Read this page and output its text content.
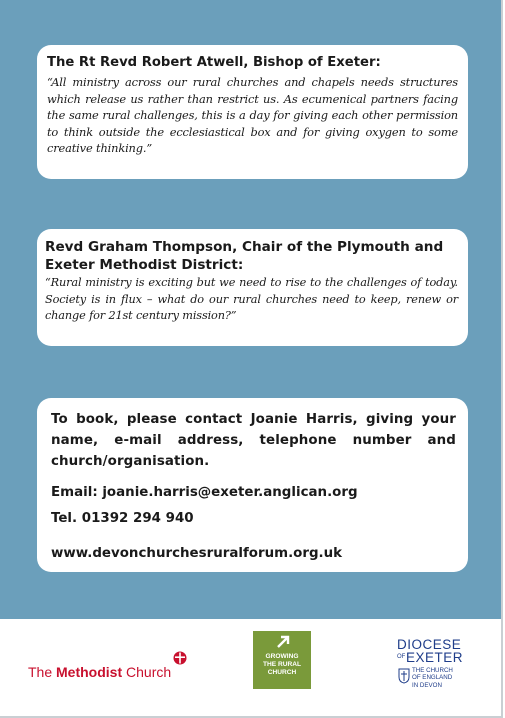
The Rt Revd Robert Atwell, Bishop of Exeter:

“All ministry across our rural churches and chapels needs structures which release us rather than restrict us. As ecumenical partners facing the same rural challenges, this is a day for giving each other permission to think outside the ecclesiastical box and for giving oxygen to some creative thinking.”

Revd Graham Thompson, Chair of the Plymouth and Exeter Methodist District:

“Rural ministry is exciting but we need to rise to the challenges of today. Society is in flux – what do our rural churches need to keep, renew or change for 21st century mission?”

To book, please contact Joanie Harris, giving your name, e-mail address, telephone number and church/organisation.

Email: joanie.harris@exeter.anglican.org

Tel. 01392 294 940

www.devonchurchesruralforum.org.uk

The Methodist Church
GROWING
THE RURAL
CHURCH
DIOCESE
OF EXETER
THE CHURCH
OF ENGLAND
IN DEVON
